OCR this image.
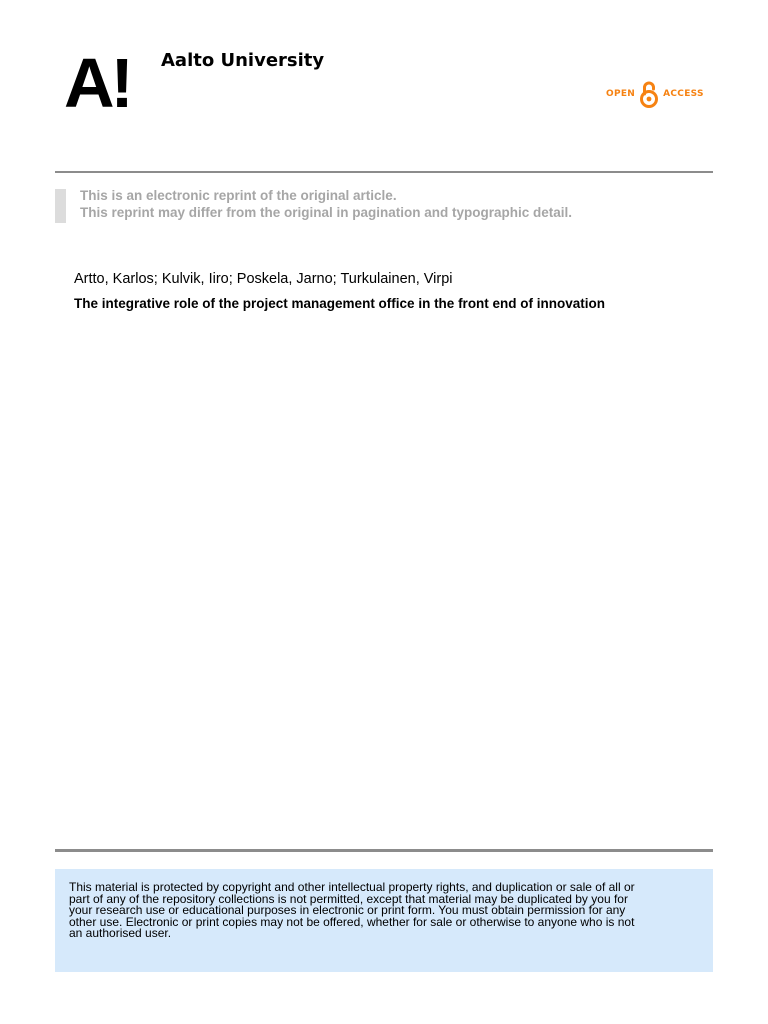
A! Aalto University
OPEN	ACCESS
This is an electronic reprint of the original article.
This reprint may differ from the original in pagination and typographic detail.
Artto, Karlos; Kulvik, Iiro; Poskela, Jarno; Turkulainen, Virpi
The integrative role of the project management office in the front end of innovation

This material is protected by copyright and other intellectual property rights, and duplication or sale of all or
part of any of the repository collections is not permitted, except that material may be duplicated by you for
your research use or educational purposes in electronic or print form. You must obtain permission for any
other use. Electronic or print copies may not be offered, whether for sale or otherwise to anyone who is not
an authorised user.
